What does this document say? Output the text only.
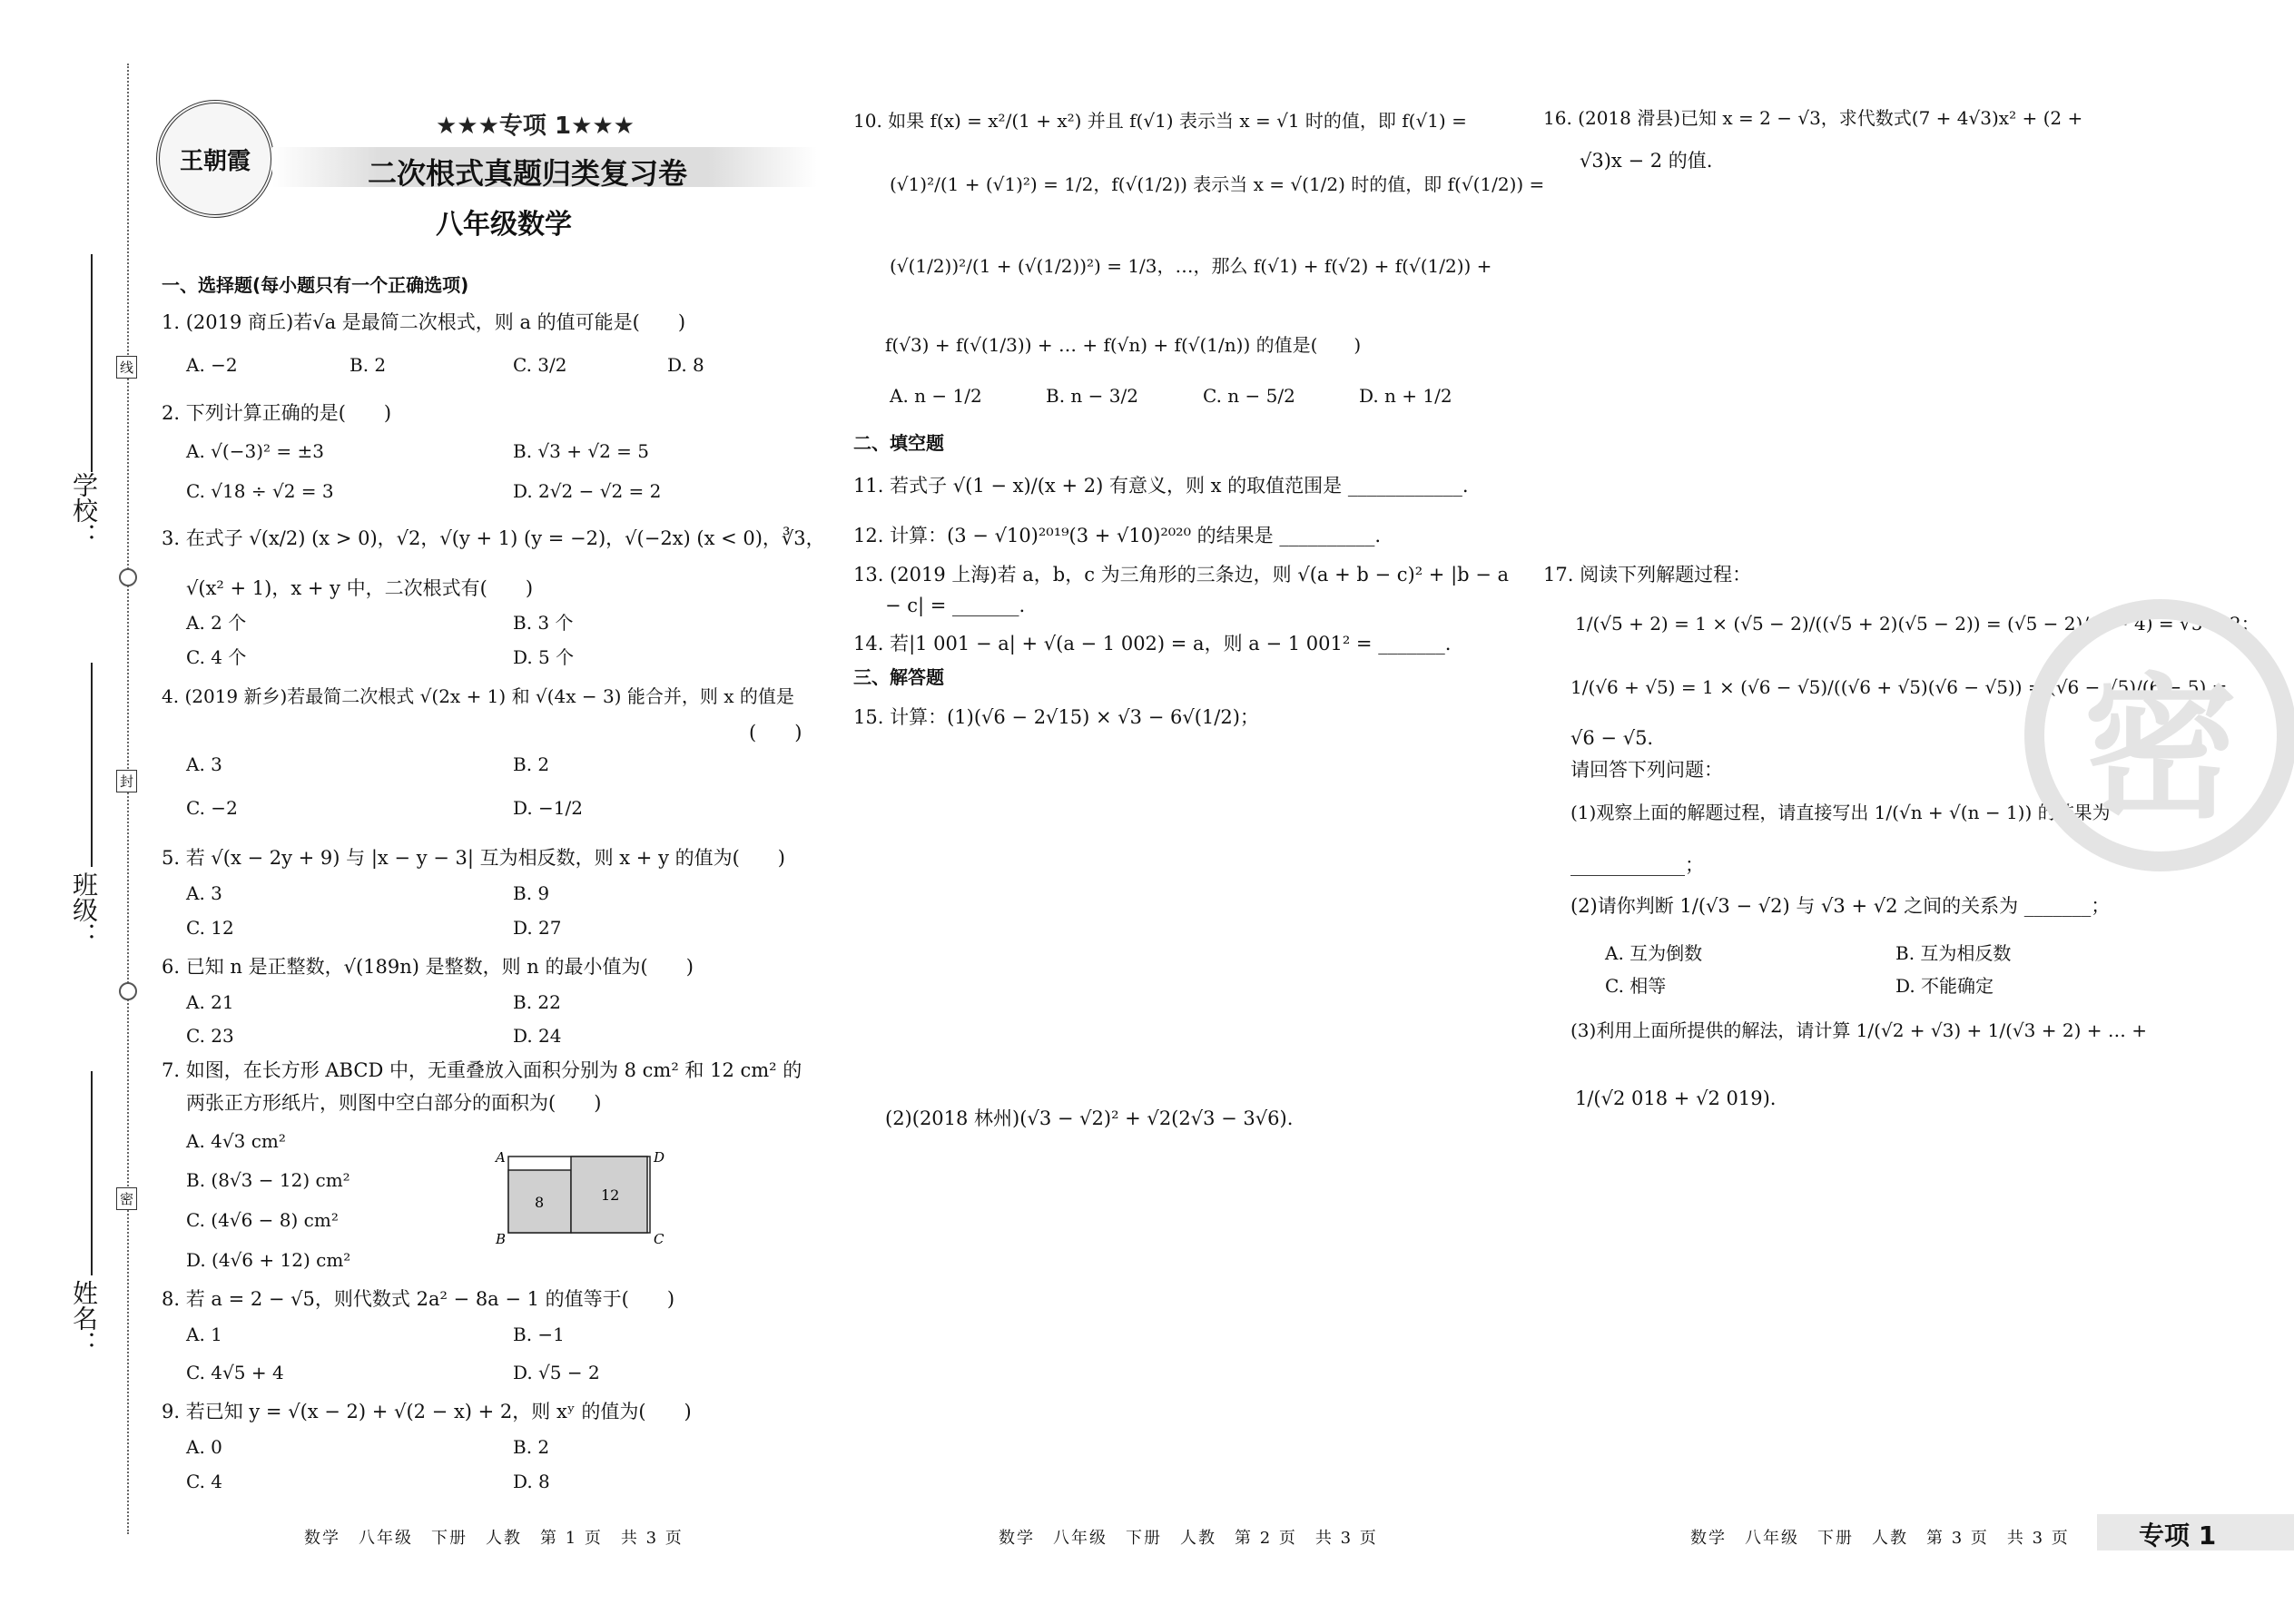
学校：
班级：
姓名：
线
封
密
王朝霞
★★★专项 1★★★
二次根式真题归类复习卷
八年级数学
一、选择题(每小题只有一个正确选项)
1. (2019 商丘)若√a 是最简二次根式，则 a 的值可能是(　　)
A. −2	B. 2	C. 3/2	D. 8
2. 下列计算正确的是(　　)
A. √(−3)² = ±3	B. √3 + √2 = 5
C. √18 ÷ √2 = 3	D. 2√2 − √2 = 2
3. 在式子 √(x/2) (x > 0)，√2，√(y + 1) (y = −2)，√(−2x) (x < 0)，∛3，
√(x² + 1)，x + y 中，二次根式有(　　)
A. 2 个	B. 3 个
C. 4 个	D. 5 个
4. (2019 新乡)若最简二次根式 √(2x + 1) 和 √(4x − 3) 能合并，则 x 的值是
(　　)
A. 3	B. 2
C. −2	D. −1/2
5. 若 √(x − 2y + 9) 与 |x − y − 3| 互为相反数，则 x + y 的值为(　　)
A. 3	B. 9
C. 12	D. 27
6. 已知 n 是正整数，√(189n) 是整数，则 n 的最小值为(　　)
A. 21	B. 22
C. 23	D. 24
7. 如图，在长方形 ABCD 中，无重叠放入面积分别为 8 cm² 和 12 cm² 的
两张正方形纸片，则图中空白部分的面积为(　　)
A. 4√3 cm²
B. (8√3 − 12) cm²
C. (4√6 − 8) cm²
D. (4√6 + 12) cm²
A
B
D
C
8	12
8. 若 a = 2 − √5，则代数式 2a² − 8a − 1 的值等于(　　)
A. 1	B. −1
C. 4√5 + 4	D. √5 − 2
9. 若已知 y = √(x − 2) + √(2 − x) + 2，则 xʸ 的值为(　　)
A. 0	B. 2
C. 4	D. 8
10. 如果 f(x) = x²/(1 + x²) 并且 f(√1) 表示当 x = √1 时的值，即 f(√1) =
(√1)²/(1 + (√1)²) = 1/2，f(√(1/2)) 表示当 x = √(1/2) 时的值，即 f(√(1/2)) =
(√(1/2))²/(1 + (√(1/2))²) = 1/3，…，那么 f(√1) + f(√2) + f(√(1/2)) +
f(√3) + f(√(1/3)) + … + f(√n) + f(√(1/n)) 的值是(　　)
A. n − 1/2	B. n − 3/2	C. n − 5/2	D. n + 1/2
二、填空题
11. 若式子 √(1 − x)/(x + 2) 有意义，则 x 的取值范围是 ____________.
12. 计算：(3 − √10)²⁰¹⁹(3 + √10)²⁰²⁰ 的结果是 __________.
13. (2019 上海)若 a，b，c 为三角形的三条边，则 √(a + b − c)² + |b − a
− c| = _______.
14. 若|1 001 − a| + √(a − 1 002) = a，则 a − 1 001² = _______.
三、解答题
15. 计算：(1)(√6 − 2√15) × √3 − 6√(1/2)；
(2)(2018 林州)(√3 − √2)² + √2(2√3 − 3√6).
16. (2018 滑县)已知 x = 2 − √3，求代数式(7 + 4√3)x² + (2 +
√3)x − 2 的值.
17. 阅读下列解题过程：
1/(√5 + 2) = 1 × (√5 − 2)/((√5 + 2)(√5 − 2)) = (√5 − 2)/(5 − 4) = √5 − 2；
1/(√6 + √5) = 1 × (√6 − √5)/((√6 + √5)(√6 − √5)) = (√6 − √5)/(6 − 5) =
√6 − √5.
请回答下列问题：
(1)观察上面的解题过程，请直接写出 1/(√n + √(n − 1)) 的结果为
____________；
(2)请你判断 1/(√3 − √2) 与 √3 + √2 之间的关系为 _______；
A. 互为倒数	B. 互为相反数
C. 相等	D. 不能确定
(3)利用上面所提供的解法，请计算 1/(√2 + √3) + 1/(√3 + 2) + … +
1/(√2 018 + √2 019).
密
数学　八年级　下册　人教　第 1 页　共 3 页	数学　八年级　下册　人教　第 2 页　共 3 页	数学　八年级　下册　人教　第 3 页　共 3 页	专项 1
